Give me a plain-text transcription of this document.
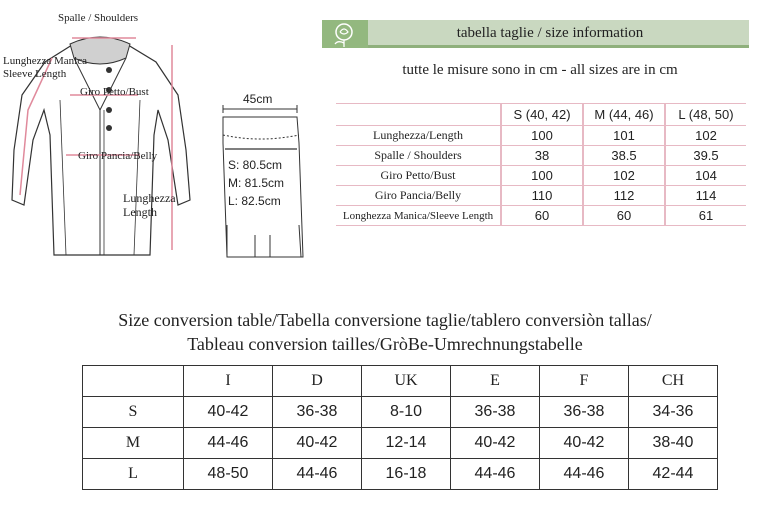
Spalle / Shoulders
Lunghezza Manica
Sleeve Length
Giro Petto/Bust
Giro Pancia/Belly
Lunghezza
Length
45cm
S: 80.5cm
M: 81.5cm
L: 82.5cm
tabella taglie / size information
tutte le misure sono in cm - all sizes are in cm
	S (40, 42)	M (44, 46)	L (48, 50)
Lunghezza/Length	100	101	102
Spalle / Shoulders	38	38.5	39.5
Giro Petto/Bust	100	102	104
Giro Pancia/Belly	110	112	114
Longhezza Manica/Sleeve Length	60	60	61
Size conversion table/Tabella conversione taglie/tablero conversiòn tallas/
Tableau conversion tailles/GròBe-Umrechnungstabelle
	I	D	UK	E	F	CH
S	40-42	36-38	8-10	36-38	36-38	34-36
M	44-46	40-42	12-14	40-42	40-42	38-40
L	48-50	44-46	16-18	44-46	44-46	42-44
